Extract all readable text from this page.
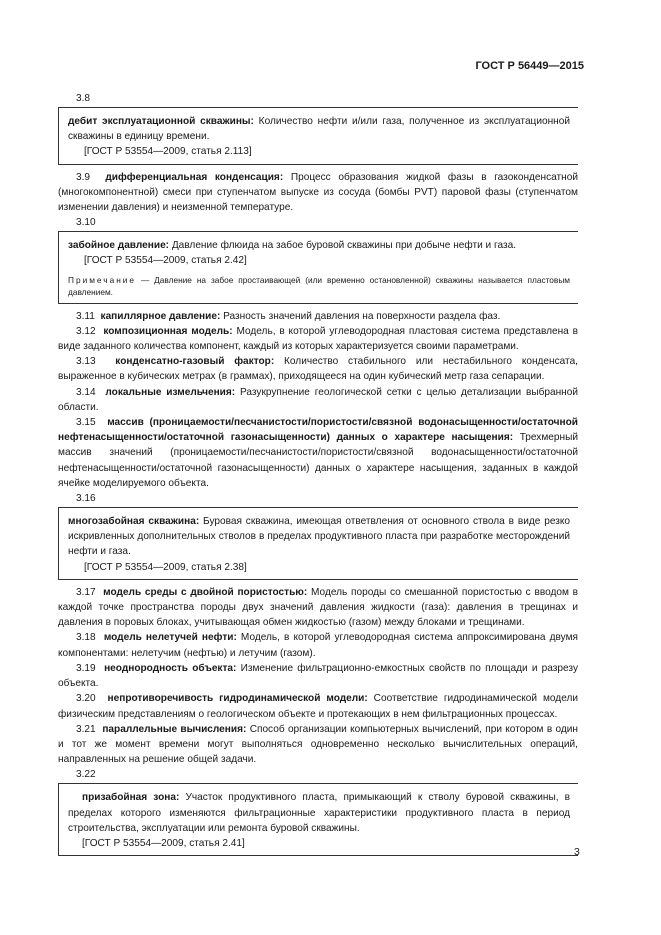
ГОСТ Р 56449—2015
3.8

дебит эксплуатационной скважины: Количество нефти и/или газа, полученное из эксплуатационной скважины в единицу времени.

[ГОСТ Р 53554—2009, статья 2.113]

3.9 дифференциальная конденсация: Процесс образования жидкой фазы в газоконденсатной (многокомпонентной) смеси при ступенчатом выпуске из сосуда (бомбы PVT) паровой фазы (ступенчатом изменении давления) и неизменной температуре.

3.10

забойное давление: Давление флюида на забое буровой скважины при добыче нефти и газа.

[ГОСТ Р 53554—2009, статья 2.42]
Примечание — Давление на забое простаивающей (или временно остановленной) скважины называется пластовым давлением.

3.11 капиллярное давление: Разность значений давления на поверхности раздела фаз.

3.12 композиционная модель: Модель, в которой углеводородная пластовая система представлена в виде заданного количества компонент, каждый из которых характеризуется своими параметрами.

3.13 конденсатно-газовый фактор: Количество стабильного или нестабильного конденсата, выраженное в кубических метрах (в граммах), приходящееся на один кубический метр газа сепарации.

3.14 локальные измельчения: Разукрупнение геологической сетки с целью детализации выбранной области.

3.15 массив (проницаемости/песчанистости/пористости/связной водонасыщенности/остаточной нефтенасыщенности/остаточной газонасыщенности) данных о характере насыщения: Трехмерный массив значений (проницаемости/песчанистости/пористости/связной водонасыщенности/остаточной нефтенасыщенности/остаточной газонасыщенности) данных о характере насыщения, заданных в каждой ячейке моделируемого объекта.

3.16

многозабойная скважина: Буровая скважина, имеющая ответвления от основного ствола в виде резко искривленных дополнительных стволов в пределах продуктивного пласта при разработке месторождений нефти и газа.

[ГОСТ Р 53554—2009, статья 2.38]

3.17 модель среды с двойной пористостью: Модель породы со смешанной пористостью с вводом в каждой точке пространства породы двух значений давления жидкости (газа): давления в трещинах и давления в поровых блоках, учитывающая обмен жидкостью (газом) между блоками и трещинами.

3.18 модель нелетучей нефти: Модель, в которой углеводородная система аппроксимирована двумя компонентами: нелетучим (нефтью) и летучим (газом).

3.19 неоднородность объекта: Изменение фильтрационно-емкостных свойств по площади и разрезу объекта.

3.20 непротиворечивость гидродинамической модели: Соответствие гидродинамической модели физическим представлениям о геологическом объекте и протекающих в нем фильтрационных процессах.

3.21 параллельные вычисления: Способ организации компьютерных вычислений, при котором в один и тот же момент времени могут выполняться одновременно несколько вычислительных операций, направленных на решение общей задачи.

3.22

призабойная зона: Участок продуктивного пласта, примыкающий к стволу буровой скважины, в пределах которого изменяются фильтрационные характеристики продуктивного пласта в период строительства, эксплуатации или ремонта буровой скважины.

[ГОСТ Р 53554—2009, статья 2.41]
3
